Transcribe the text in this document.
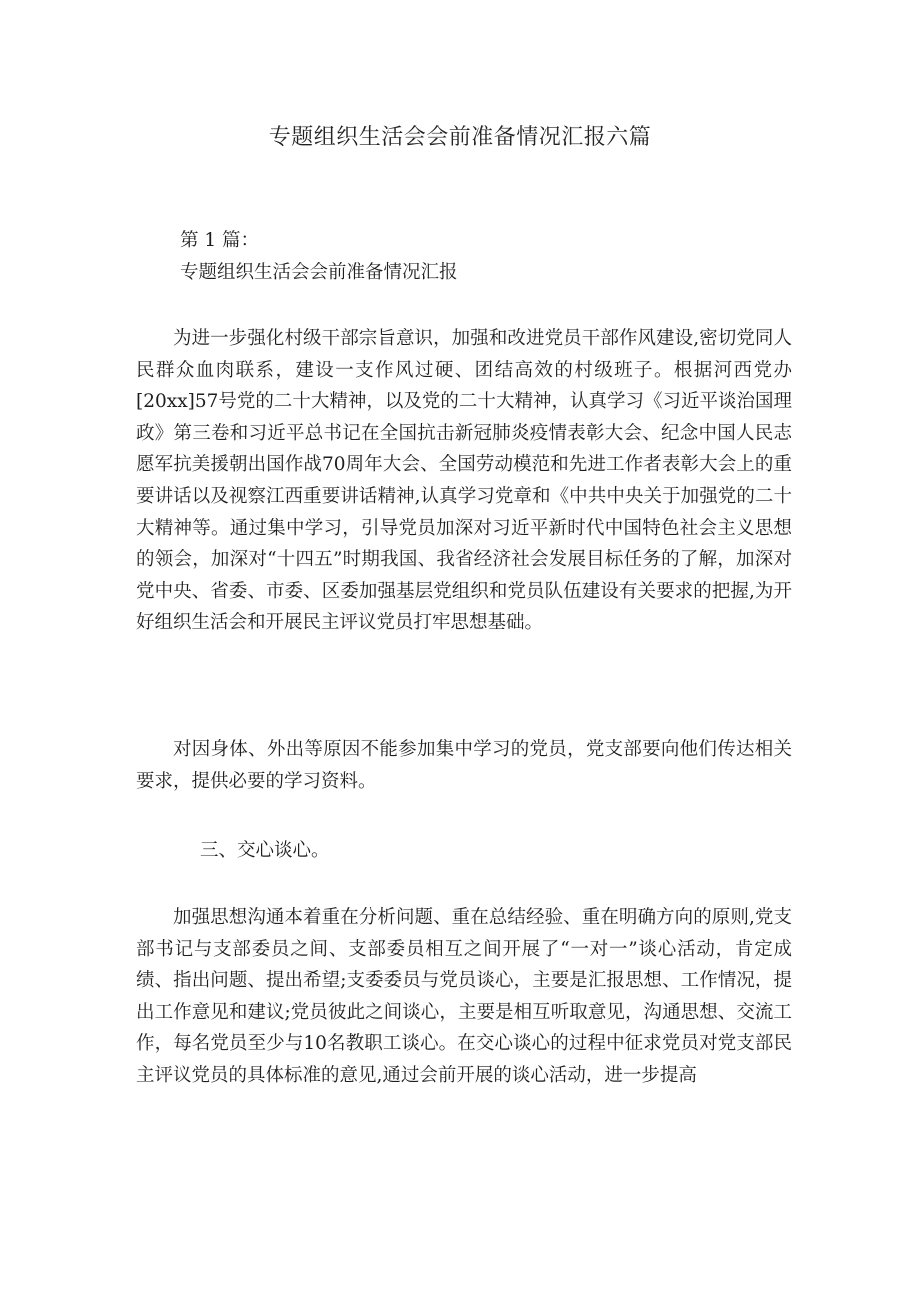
专题组织生活会会前准备情况汇报六篇
第 1 篇：
专题组织生活会会前准备情况汇报

为进一步强化村级干部宗旨意识，加强和改进党员干部作风建设,密切党同人民群众血肉联系，建设一支作风过硬、团结高效的村级班子。根据河西党办[20xx]57号党的二十大精神，以及党的二十大精神，认真学习《习近平谈治国理政》第三卷和习近平总书记在全国抗击新冠肺炎疫情表彰大会、纪念中国人民志愿军抗美援朝出国作战70周年大会、全国劳动模范和先进工作者表彰大会上的重要讲话以及视察江西重要讲话精神,认真学习党章和《中共中央关于加强党的二十大精神等。通过集中学习，引导党员加深对习近平新时代中国特色社会主义思想的领会，加深对“十四五”时期我国、我省经济社会发展目标任务的了解，加深对党中央、省委、市委、区委加强基层党组织和党员队伍建设有关要求的把握,为开好组织生活会和开展民主评议党员打牢思想基础。

对因身体、外出等原因不能参加集中学习的党员，党支部要向他们传达相关要求，提供必要的学习资料。

三、交心谈心。

加强思想沟通本着重在分析问题、重在总结经验、重在明确方向的原则,党支部书记与支部委员之间、支部委员相互之间开展了“一对一”谈心活动，肯定成绩、指出问题、提出希望;支委委员与党员谈心，主要是汇报思想、工作情况，提出工作意见和建议;党员彼此之间谈心，主要是相互听取意见，沟通思想、交流工作，每名党员至少与10名教职工谈心。在交心谈心的过程中征求党员对党支部民主评议党员的具体标准的意见,通过会前开展的谈心活动，进一步提高
